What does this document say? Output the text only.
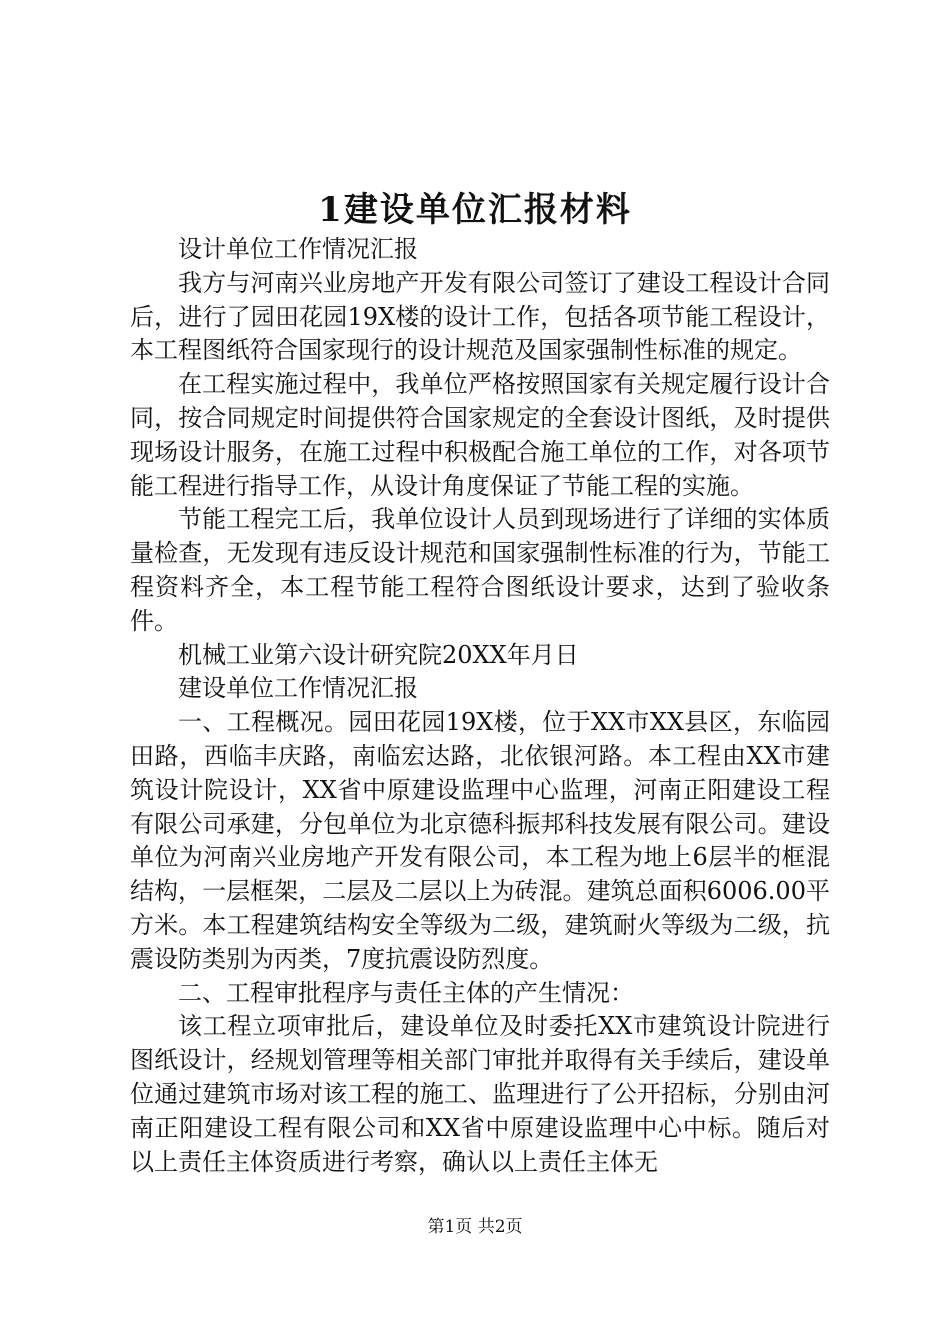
1建设单位汇报材料

设计单位工作情况汇报

我方与河南兴业房地产开发有限公司签订了建设工程设计合同后，进行了园田花园19X楼的设计工作，包括各项节能工程设计，本工程图纸符合国家现行的设计规范及国家强制性标准的规定。

在工程实施过程中，我单位严格按照国家有关规定履行设计合同，按合同规定时间提供符合国家规定的全套设计图纸，及时提供现场设计服务，在施工过程中积极配合施工单位的工作，对各项节能工程进行指导工作，从设计角度保证了节能工程的实施。

节能工程完工后，我单位设计人员到现场进行了详细的实体质量检查，无发现有违反设计规范和国家强制性标准的行为，节能工程资料齐全，本工程节能工程符合图纸设计要求，达到了验收条件。

机械工业第六设计研究院20XX年月日

建设单位工作情况汇报

一、工程概况。园田花园19X楼，位于XX市XX县区，东临园田路，西临丰庆路，南临宏达路，北依银河路。本工程由XX市建筑设计院设计，XX省中原建设监理中心监理，河南正阳建设工程有限公司承建，分包单位为北京德科振邦科技发展有限公司。建设单位为河南兴业房地产开发有限公司，本工程为地上6层半的框混结构，一层框架，二层及二层以上为砖混。建筑总面积6006.00平方米。本工程建筑结构安全等级为二级，建筑耐火等级为二级，抗震设防类别为丙类，7度抗震设防烈度。

二、工程审批程序与责任主体的产生情况：

该工程立项审批后，建设单位及时委托XX市建筑设计院进行图纸设计，经规划管理等相关部门审批并取得有关手续后，建设单位通过建筑市场对该工程的施工、监理进行了公开招标，分别由河南正阳建设工程有限公司和XX省中原建设监理中心中标。随后对以上责任主体资质进行考察，确认以上责任主体无

第1页 共2页
